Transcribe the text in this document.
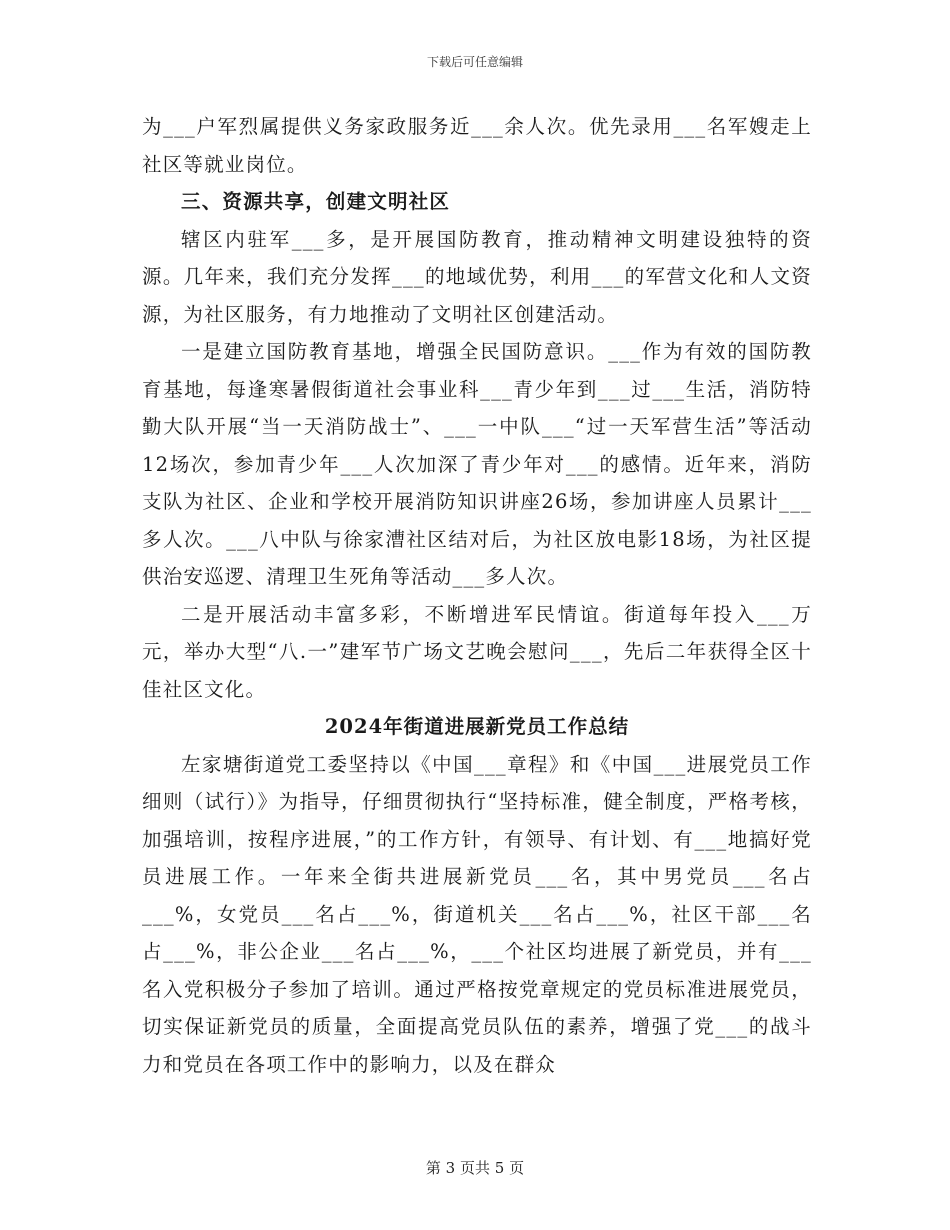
下载后可任意编辑

为___户军烈属提供义务家政服务近___余人次。优先录用___名军嫂走上社区等就业岗位。

三、资源共享，创建文明社区

辖区内驻军___多，是开展国防教育，推动精神文明建设独特的资源。几年来，我们充分发挥___的地域优势，利用___的军营文化和人文资源，为社区服务，有力地推动了文明社区创建活动。

一是建立国防教育基地，增强全民国防意识。___作为有效的国防教育基地，每逢寒暑假街道社会事业科___青少年到___过___生活，消防特勤大队开展“当一天消防战士”、___一中队___“过一天军营生活”等活动12场次，参加青少年___人次加深了青少年对___的感情。近年来，消防支队为社区、企业和学校开展消防知识讲座26场，参加讲座人员累计___多人次。___八中队与徐家漕社区结对后，为社区放电影18场，为社区提供治安巡逻、清理卫生死角等活动___多人次。

二是开展活动丰富多彩，不断增进军民情谊。街道每年投入___万元，举办大型“八.一”建军节广场文艺晚会慰问___，先后二年获得全区十佳社区文化。

2024年街道进展新党员工作总结

左家塘街道党工委坚持以《中国___章程》和《中国___进展党员工作细则（试行）》为指导，仔细贯彻执行“坚持标准，健全制度，严格考核，加强培训，按程序进展，”的工作方针，有领导、有计划、有___地搞好党员进展工作。一年来全街共进展新党员___名，其中男党员___名占___%，女党员___名占___%，街道机关___名占___%，社区干部___名占___%，非公企业___名占___%，___个社区均进展了新党员，并有___名入党积极分子参加了培训。通过严格按党章规定的党员标准进展党员，切实保证新党员的质量，全面提高党员队伍的素养，增强了党___的战斗力和党员在各项工作中的影响力，以及在群众

第 3 页共 5 页
